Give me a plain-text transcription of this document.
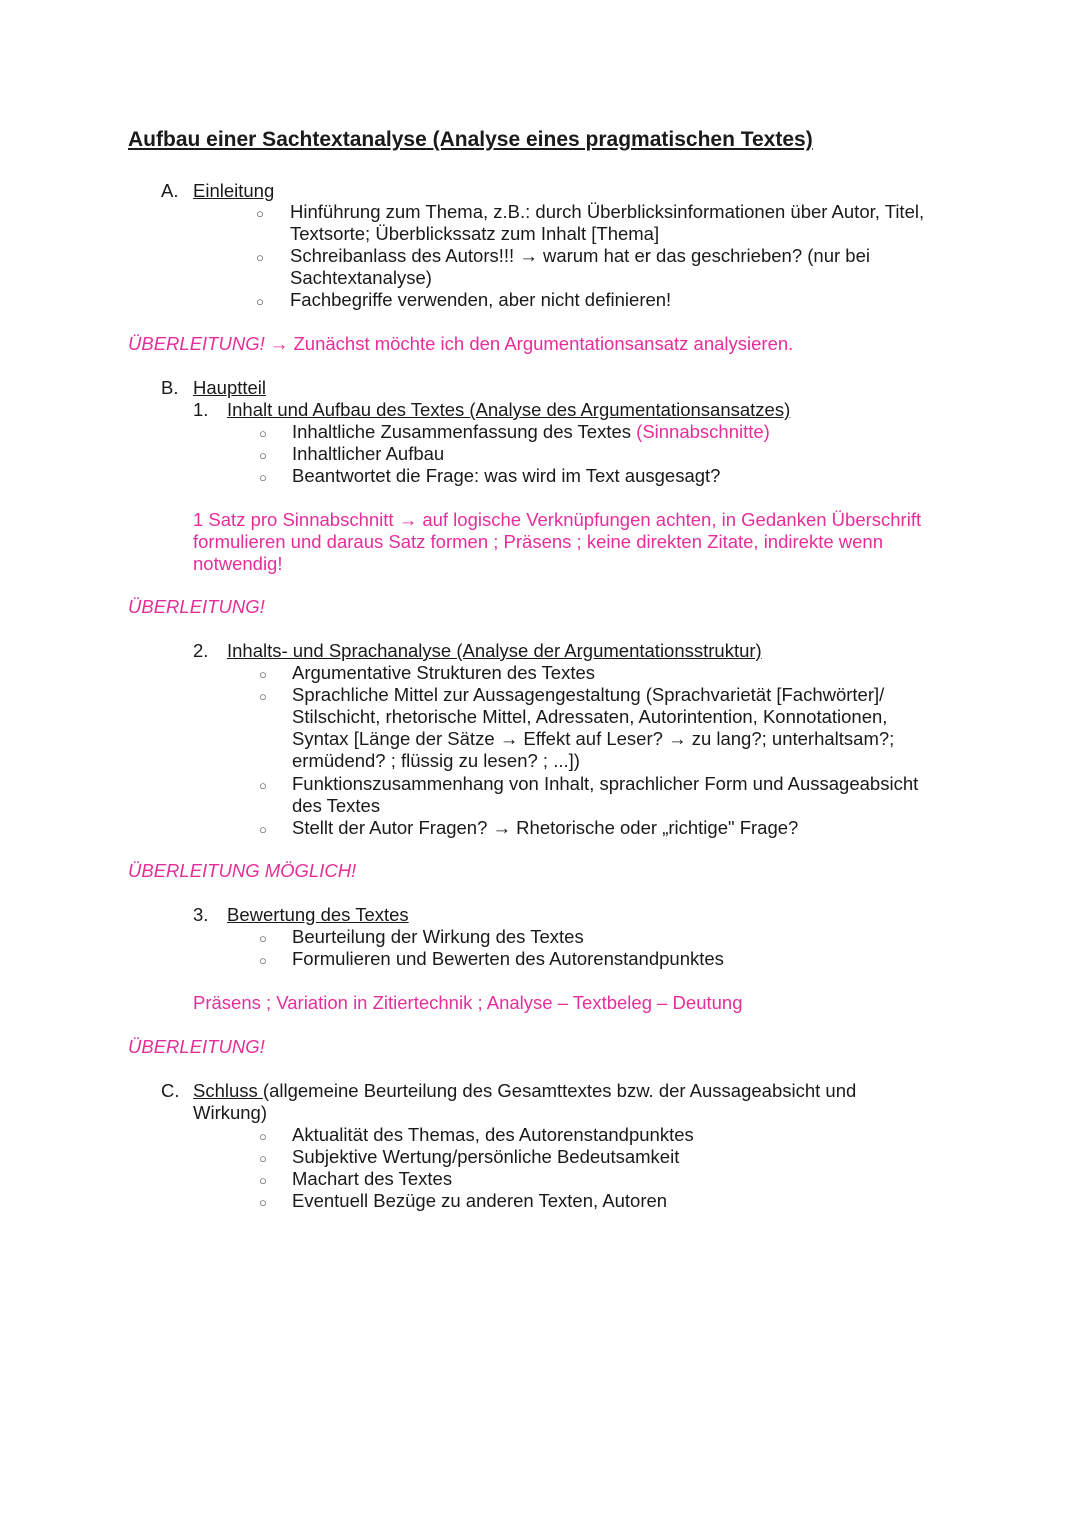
Aufbau einer Sachtextanalyse (Analyse eines pragmatischen Textes)
A. Einleitung
○ Hinführung zum Thema, z.B.: durch Überblicksinformationen über Autor, Titel,
Textsorte; Überblickssatz zum Inhalt [Thema]
○ Schreibanlass des Autors!!! → warum hat er das geschrieben? (nur bei
Sachtextanalyse)
○ Fachbegriffe verwenden, aber nicht definieren!
ÜBERLEITUNG! → Zunächst möchte ich den Argumentationsansatz analysieren.
B. Hauptteil
1. Inhalt und Aufbau des Textes (Analyse des Argumentationsansatzes)
○ Inhaltliche Zusammenfassung des Textes (Sinnabschnitte)
○ Inhaltlicher Aufbau
○ Beantwortet die Frage: was wird im Text ausgesagt?
1 Satz pro Sinnabschnitt → auf logische Verknüpfungen achten, in Gedanken Überschrift
formulieren und daraus Satz formen ; Präsens ; keine direkten Zitate, indirekte wenn
notwendig!
ÜBERLEITUNG!
2. Inhalts- und Sprachanalyse (Analyse der Argumentationsstruktur)
○ Argumentative Strukturen des Textes
○ Sprachliche Mittel zur Aussagengestaltung (Sprachvarietät [Fachwörter]/
Stilschicht, rhetorische Mittel, Adressaten, Autorintention, Konnotationen,
Syntax [Länge der Sätze → Effekt auf Leser? → zu lang?; unterhaltsam?;
ermüdend? ; flüssig zu lesen? ; ...])
○ Funktionszusammenhang von Inhalt, sprachlicher Form und Aussageabsicht
des Textes
○ Stellt der Autor Fragen? → Rhetorische oder „richtige" Frage?
ÜBERLEITUNG MÖGLICH!
3. Bewertung des Textes
○ Beurteilung der Wirkung des Textes
○ Formulieren und Bewerten des Autorenstandpunktes
Präsens ; Variation in Zitiertechnik ; Analyse – Textbeleg – Deutung
ÜBERLEITUNG!
C. Schluss (allgemeine Beurteilung des Gesamttextes bzw. der Aussageabsicht und
Wirkung)
○ Aktualität des Themas, des Autorenstandpunktes
○ Subjektive Wertung/persönliche Bedeutsamkeit
○ Machart des Textes
○ Eventuell Bezüge zu anderen Texten, Autoren
